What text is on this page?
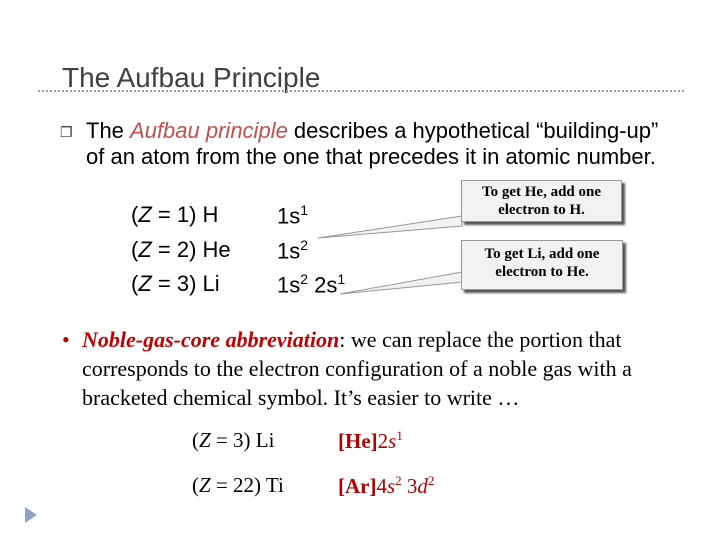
The Aufbau Principle
❒ The Aufbau principle describes a hypothetical “building-up” of an atom from the one that precedes it in atomic number.
(Z = 1) H	$1s^1$
(Z = 2) He $1s^2$
(Z = 3) Li	$1s^2$ $2s^1$
To get He, add one electron to H.
To get Li, add one electron to He.
• Noble-gas-core abbreviation: we can replace the portion that corresponds to the electron configuration of a noble gas with a bracketed chemical symbol. It’s easier to write …
(Z = 3) Li	$[He]2s^1$
(Z = 22) Ti	$[Ar]4s^2$ $3d^2$
